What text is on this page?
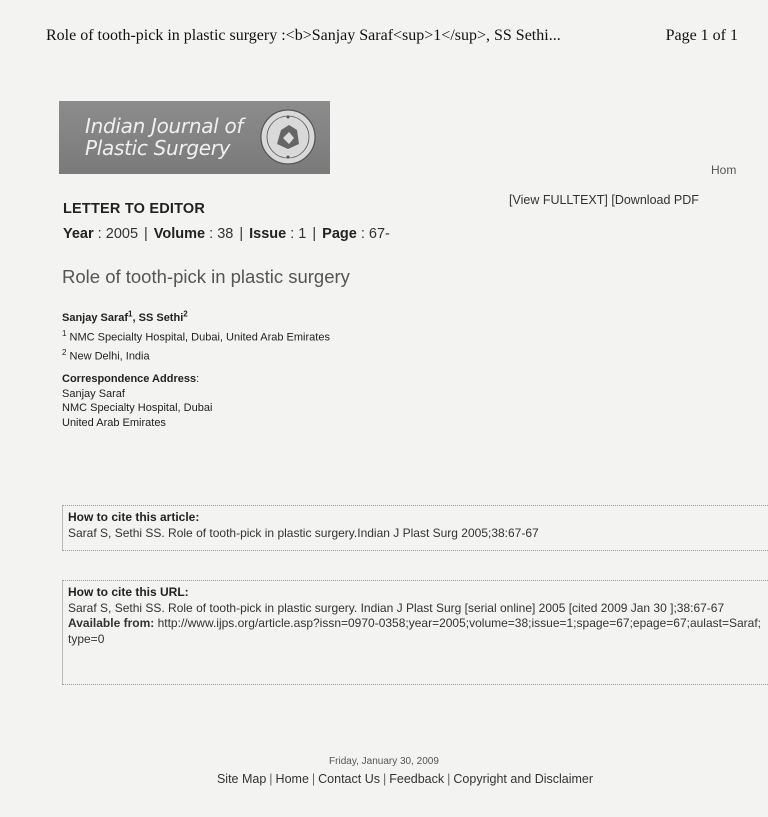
Role of tooth-pick in plastic surgery :<b>Sanjay Saraf<sup>1</sup>, SS Sethi...	Page 1 of 1
Indian Journal of
Plastic Surgery
Hom
[View FULLTEXT] [Download PDF
LETTER TO EDITOR
Year : 2005 | Volume : 38 | Issue : 1 | Page : 67-
Role of tooth-pick in plastic surgery
Sanjay Saraf$^1$, SS Sethi$^2$
$^1$ NMC Specialty Hospital, Dubai, United Arab Emirates
$^2$ New Delhi, India
Correspondence Address:
Sanjay Saraf
NMC Specialty Hospital, Dubai
United Arab Emirates
How to cite this article:
Saraf S, Sethi SS. Role of tooth-pick in plastic surgery.Indian J Plast Surg 2005;38:67-67
How to cite this URL:
Saraf S, Sethi SS. Role of tooth-pick in plastic surgery. Indian J Plast Surg [serial online] 2005 [cited 2009 Jan 30 ];38:67-67
Available from: http://www.ijps.org/article.asp?issn=0970-0358;year=2005;volume=38;issue=1;spage=67;epage=67;aulast=Saraf;type=0
Friday, January 30, 2009
Site Map | Home | Contact Us | Feedback | Copyright and Disclaimer
